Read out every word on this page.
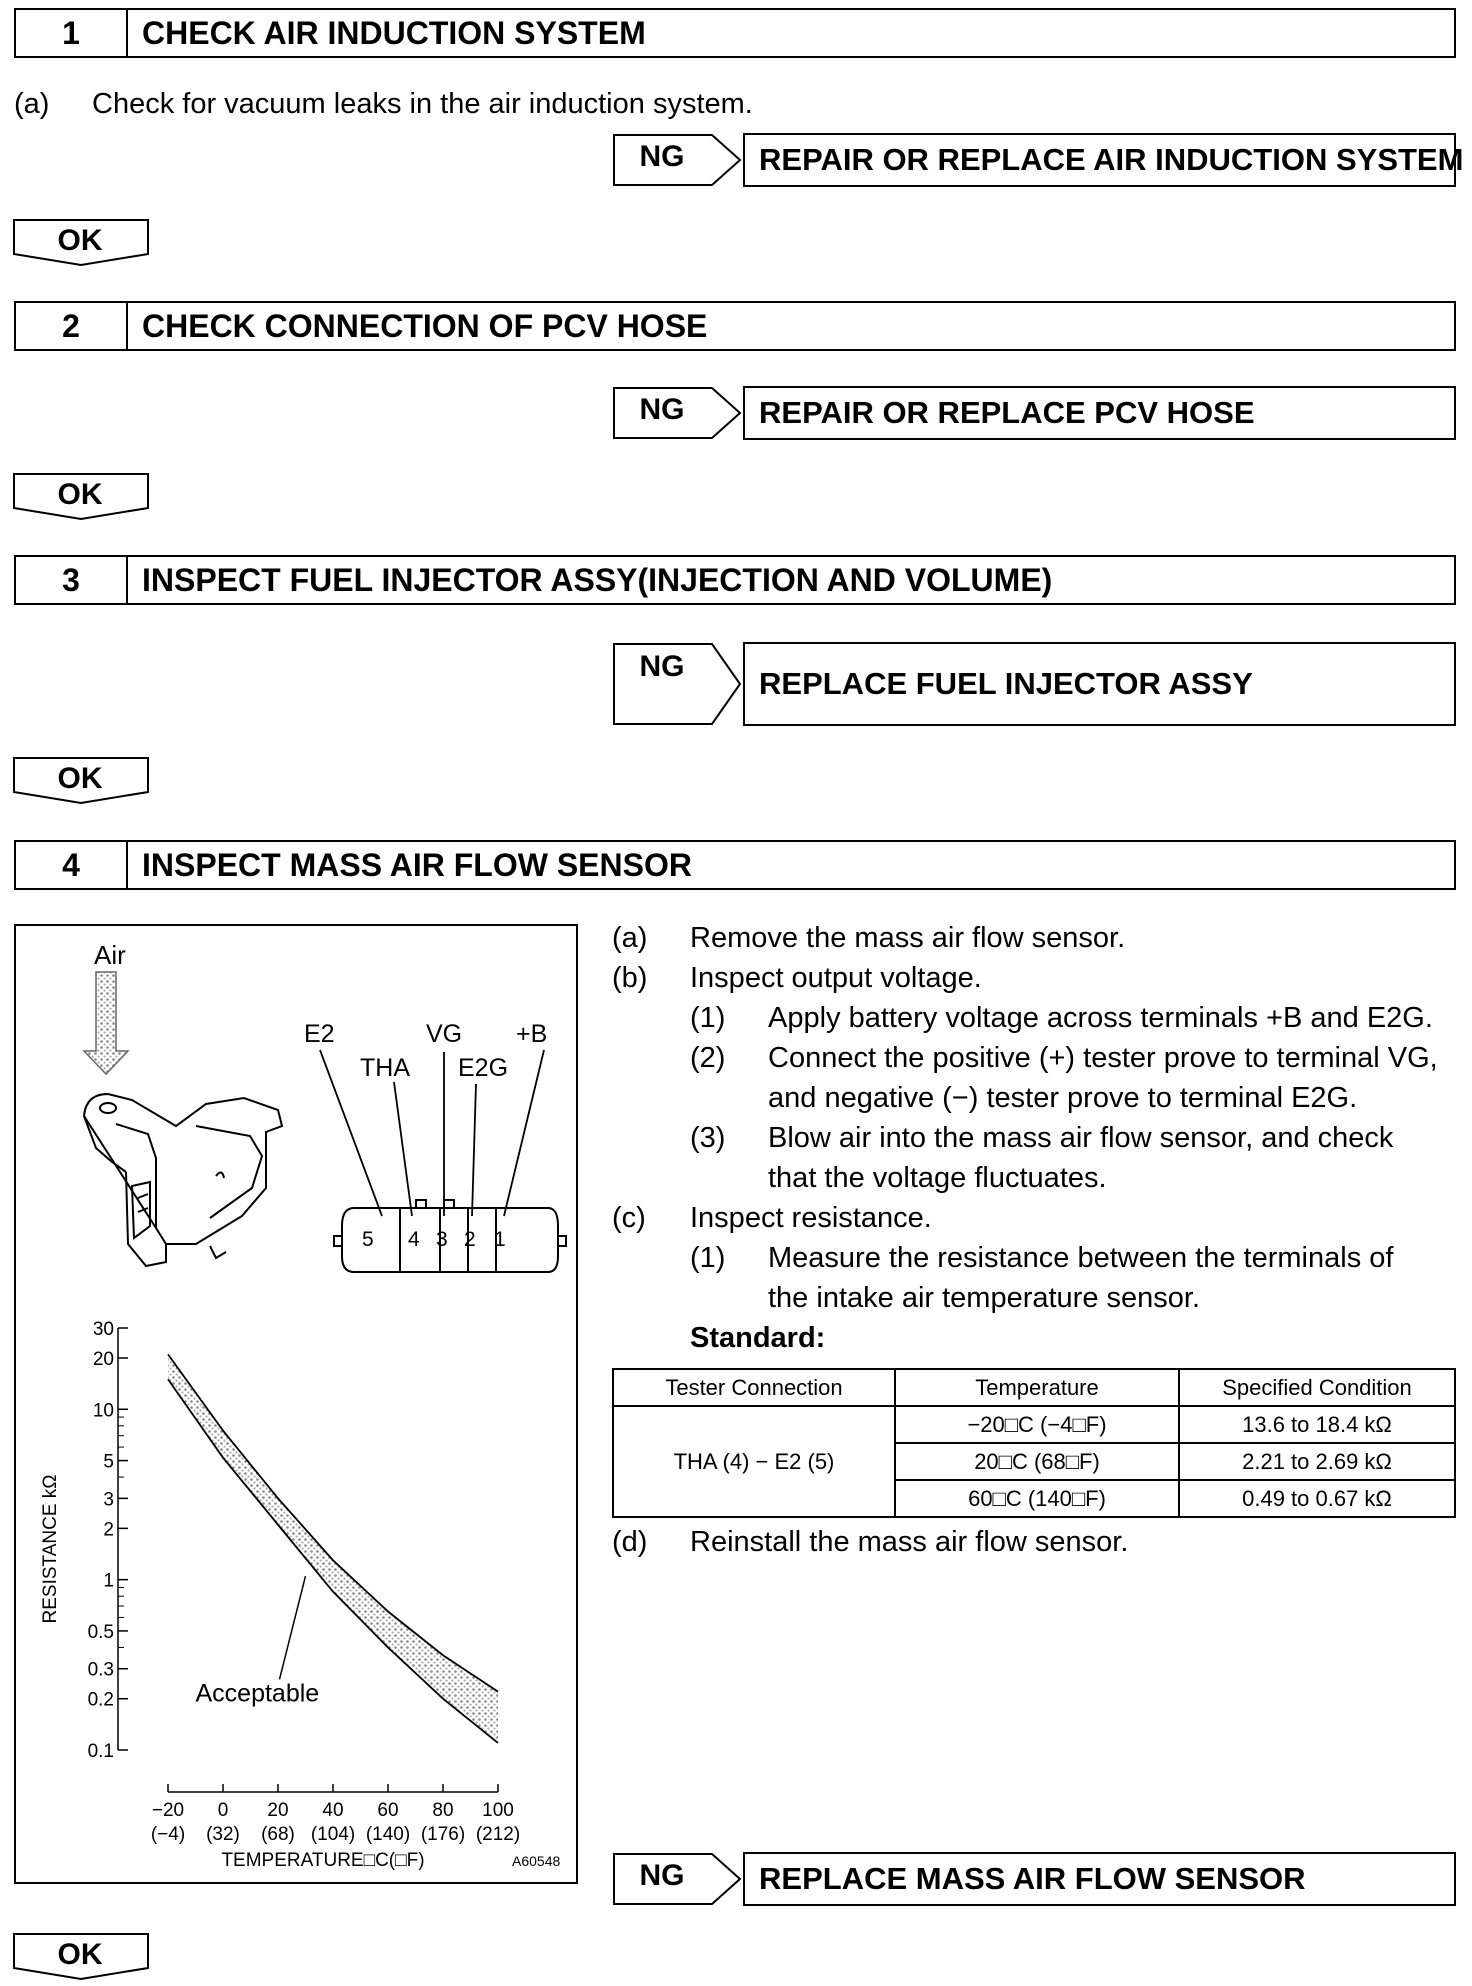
1	CHECK AIR INDUCTION SYSTEM
(a) Check for vacuum leaks in the air induction system.
NG	REPAIR OR REPLACE AIR INDUCTION SYSTEM
OK
2	CHECK CONNECTION OF PCV HOSE
NG	REPAIR OR REPLACE PCV HOSE
OK
3	INSPECT FUEL INJECTOR ASSY(INJECTION AND VOLUME)
NG	REPLACE FUEL INJECTOR ASSY
OK
4	INSPECT MASS AIR FLOW SENSOR
Air
5 4 3 2 1
E2	VG +B
THA E2G
30
20
10
5
3
2
1
0.5
0.3
0.2
0.1
−20
(−4)
0
(32)
20
(68)
40
(104)
60
(140)
80
(176)
100
(212)
Acceptable
RESISTANCE kΩ
TEMPERATURE□C(□F)	A60548
(a) Remove the mass air flow sensor.
(b) Inspect output voltage.
(1) Apply battery voltage across terminals +B and E2G.
(2) Connect the positive (+) tester prove to terminal VG,
and negative (−) tester prove to terminal E2G.
(3) Blow air into the mass air flow sensor, and check
that the voltage fluctuates.
(c) Inspect resistance.
(1) Measure the resistance between the terminals of
the intake air temperature sensor.
Standard:
Tester Connection	Temperature	Specified Condition
THA (4) − E2 (5)	−20□C (−4□F)	13.6 to 18.4 kΩ
	20□C (68□F)	2.21 to 2.69 kΩ
	60□C (140□F)	0.49 to 0.67 kΩ
(d) Reinstall the mass air flow sensor.
NG	REPLACE MASS AIR FLOW SENSOR
OK
